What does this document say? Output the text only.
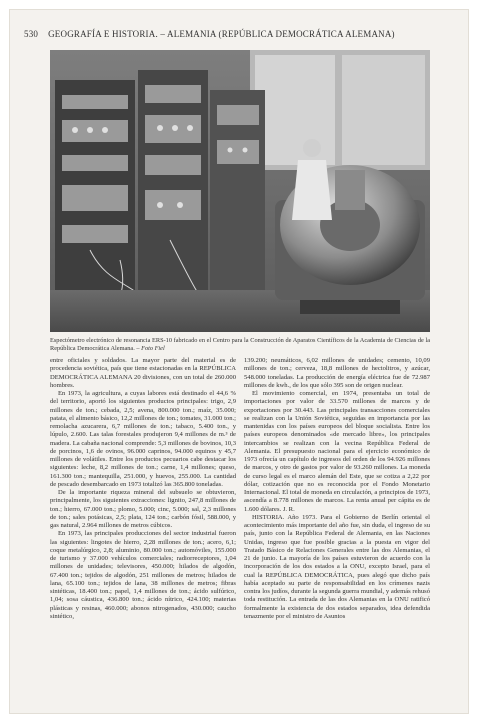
530 GEOGRAFÍA E HISTORIA. – ALEMANIA (REPÚBLICA DEMOCRÁTICA ALEMANA)
Espectómetro electrónico de resonancia ERS-10 fabricado en el Centro para la Construcción de Aparatos Científicos de la Academia de Ciencias de la República Democrática Alemana. – Foto Fiel

entre oficiales y soldados. La mayor parte del material es de procedencia soviética, país que tiene estacionadas en la REPÚBLICA DEMOCRÁTICA ALEMANA 20 divisiones, con un total de 260.000 hombres.

En 1973, la agricultura, a cuyas labores está destinado el 44,6 % del territorio, aportó los siguientes productos principales: trigo, 2,9 millones de ton.; cebada, 2,5; avena, 800.000 ton.; maíz, 35.000; patata, el alimento básico, 12,2 millones de ton.; tomates, 31.000 ton.; remolacha azucarera, 6,7 millones de ton.; tabaco, 5.400 ton., y lúpulo, 2.600. Las talas forestales produjeron 9,4 millones de m.³ de madera. La cabaña nacional comprende: 5,3 millones de bovinos, 10,3 de porcinos, 1,6 de ovinos, 96.000 caprinos, 94.000 equinos y 45,7 millones de volátiles. Entre los productos pecuarios cabe destacar los siguientes: leche, 8,2 millones de ton.; carne, 1,4 millones; queso, 161.300 ton.; mantequilla, 251.000, y huevos, 255.000. La cantidad de pescado desembarcado en 1973 totalizó las 365.800 toneladas.

De la importante riqueza mineral del subsuelo se obtuvieron, principalmente, los siguientes extracciones: lignito, 247,8 millones de ton.; hierro, 67.000 ton.; plomo, 5.000; cinc, 5.000; sal, 2,3 millones de ton.; sales potásicas, 2,5; plata, 124 ton.; carbón fósil, 588.000, y gas natural, 2.964 millones de metros cúbicos.

En 1973, las principales producciones del sector industrial fueron las siguientes: lingotes de hierro, 2,28 millones de ton.; acero, 6,1; coque metalúrgico, 2,8; aluminio, 80.000 ton.; automóviles, 155.000 de turismo y 37.000 vehículos comerciales; radiorreceptores, 1,04 millones de unidades; televisores, 450.000; hilados de algodón, 67.400 ton.; tejidos de algodón, 251 millones de metros; hilados de lana, 65.100 ton.; tejidos de lana, 38 millones de metros; fibras sintéticas, 18.400 ton.; papel, 1,4 millones de ton.; ácido sulfúrico, 1,04; sosa cáustica, 436.800 ton.; ácido nítrico, 424.100; materias plásticas y resinas, 460.000; abonos nitrogenados, 430.000; caucho sintético,

139.200; neumáticos, 6,02 millones de unidades; cemento, 10,09 millones de ton.; cerveza, 18,8 millones de hectolitros, y azúcar, 548.000 toneladas. La producción de energía eléctrica fue de 72.987 millones de kwh., de los que sólo 395 son de origen nuclear.

El movimiento comercial, en 1974, presentaba un total de importaciones por valor de 33.570 millones de marcos y de exportaciones por 30.443. Las principales transacciones comerciales se realizan con la Unión Soviética, seguidas en importancia por las mantenidas con los países europeos del bloque socialista. Entre los países europeos denominados «de mercado libre», los principales intercambios se realizan con la vecina República Federal de Alemania. El presupuesto nacional para el ejercicio económico de 1973 ofrecía un capítulo de ingresos del orden de los 94.926 millones de marcos, y otro de gastos por valor de 93.260 millones. La moneda de curso legal es el marco alemán del Este, que se cotiza a 2,22 por dólar, cotización que no es reconocida por el Fondo Monetario Internacional. El total de moneda en circulación, a principios de 1973, ascendía a 8.778 millones de marcos. La renta anual per cápita es de 1.600 dólares. J. R.

HISTORIA. Año 1973. Para el Gobierno de Berlín oriental el acontecimiento más importante del año fue, sin duda, el ingreso de su país, junto con la República Federal de Alemania, en las Naciones Unidas, ingreso que fue posible gracias a la puesta en vigor del Tratado Básico de Relaciones Generales entre las dos Alemanias, el 21 de junio. La mayoría de los países estuvieron de acuerdo con la incorporación de los dos estados a la ONU, excepto Israel, para el cual la REPÚBLICA DEMOCRÁTICA, pues alegó que dicho país había aceptado su parte de responsabilidad en los crímenes nazis contra los judíos, durante la segunda guerra mundial, y además rehusó toda restitución. La entrada de las dos Alemanias en la ONU ratificó formalmente la existencia de dos estados separados, idea defendida tenazmente por el ministro de Asuntos
